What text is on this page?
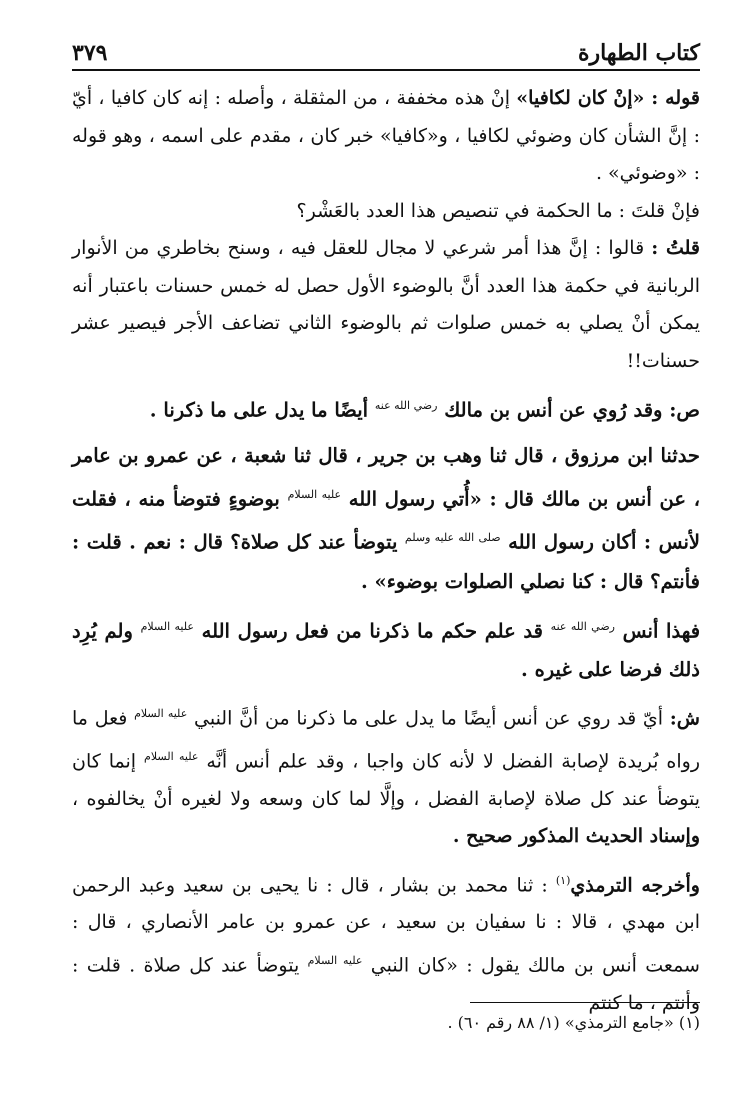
٣٧٩	كتاب الطهارة

قوله : «إنْ كان لكافيا» إنْ هذه مخففة ، من المثقلة ، وأصله : إنه كان كافيا ، أيّ : إنَّ الشأن كان وضوئي لكافيا ، و«كافيا» خبر كان ، مقدم على اسمه ، وهو قوله : «وضوئي» .

فإنْ قلتَ : ما الحكمة في تنصيص هذا العدد بالعَشْر؟

قلتُ : قالوا : إنَّ هذا أمر شرعي لا مجال للعقل فيه ، وسنح بخاطري من الأنوار الربانية في حكمة هذا العدد أنَّ بالوضوء الأول حصل له خمس حسنات باعتبار أنه يمكن أنْ يصلي به خمس صلوات ثم بالوضوء الثاني تضاعف الأجر فيصير عشر حسنات!!

ص: وقد رُوي عن أنس بن مالك $^{رضي الله عنه}$ أيضًا ما يدل على ما ذكرنا .

حدثنا ابن مرزوق ، قال ثنا وهب بن جرير ، قال ثنا شعبة ، عن عمرو بن عامر ، عن أنس بن مالك قال : «أُتي رسول الله $^{عليه السلام}$ بوضوءٍ فتوضأ منه ، فقلت لأنس : أكان رسول الله $^{صلى الله عليه وسلم}$ يتوضأ عند كل صلاة؟ قال : نعم . قلت : فأنتم؟ قال : كنا نصلي الصلوات بوضوء» .

فهذا أنس $^{رضي الله عنه}$ قد علم حكم ما ذكرنا من فعل رسول الله $^{عليه السلام}$ ولم يُرِد ذلك فرضا على غيره .

ش: أيّ قد روي عن أنس أيضًا ما يدل على ما ذكرنا من أنَّ النبي $^{عليه السلام}$ فعل ما رواه بُريدة لإصابة الفضل لا لأنه كان واجبا ، وقد علم أنس أنَّه $^{عليه السلام}$ إنما كان يتوضأ عند كل صلاة لإصابة الفضل ، وإلَّا لما كان وسعه ولا لغيره أنْ يخالفوه ، وإسناد الحديث المذكور صحيح .

وأخرجه الترمذي$^{(١)}$ : ثنا محمد بن بشار ، قال : نا يحيى بن سعيد وعبد الرحمن ابن مهدي ، قالا : نا سفيان بن سعيد ، عن عمرو بن عامر الأنصاري ، قال : سمعت أنس بن مالك يقول : «كان النبي $^{عليه السلام}$ يتوضأ عند كل صلاة . قلت : وأنتم ، ما كنتم

(١) «جامع الترمذي» (١/ ٨٨ رقم ٦٠) .
